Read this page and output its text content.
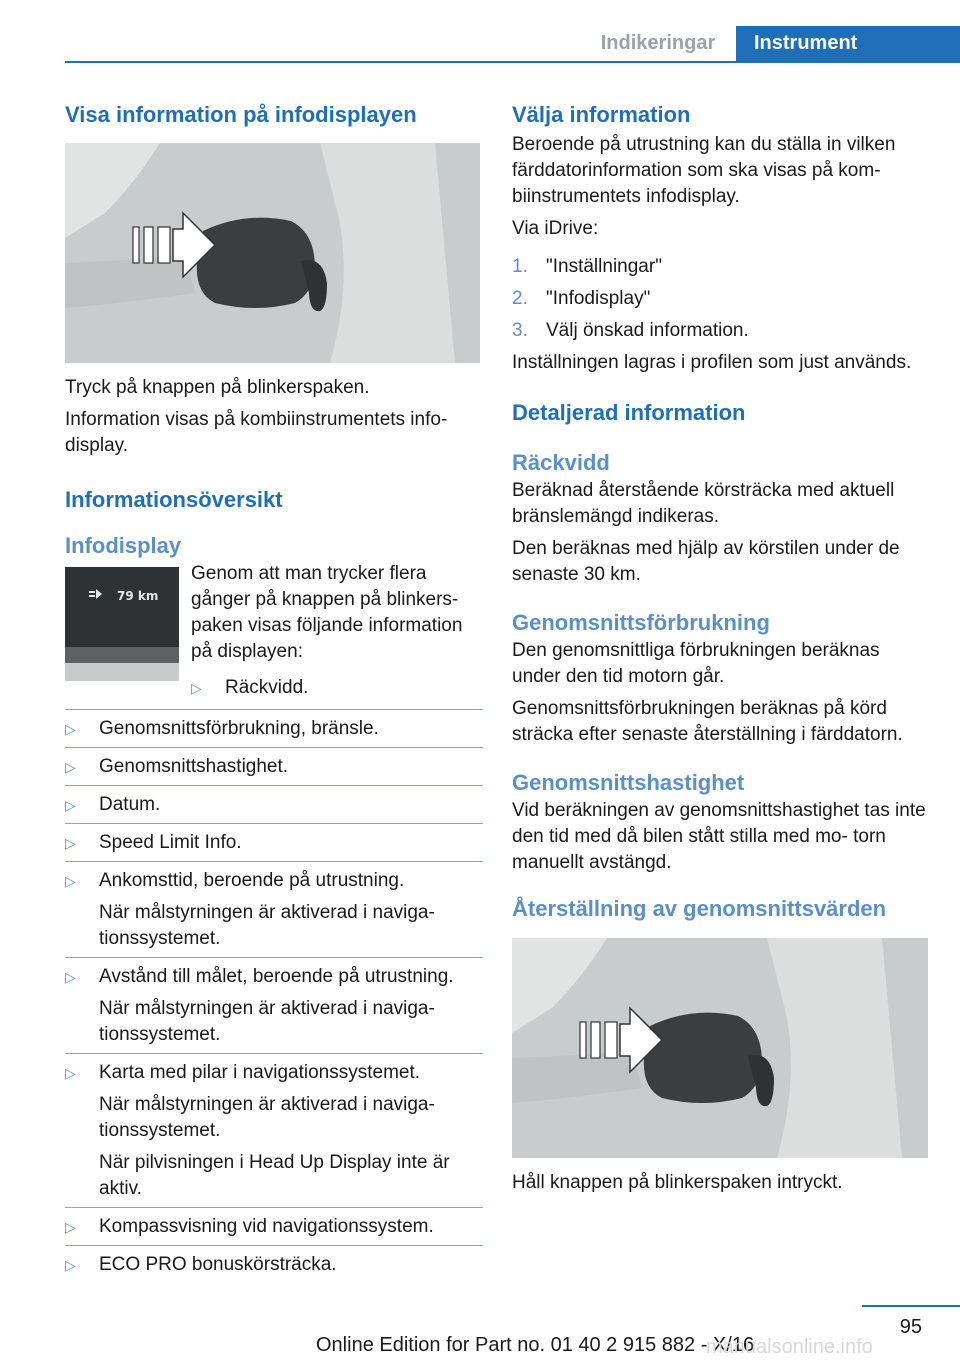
Indikeringar	Instrument
Visa information på infodisplayen

Tryck på knappen på blinkerspaken.

Information visas på kombiinstrumentets info‐ display.

Informationsöversikt
Infodisplay
79 km

Genom att man trycker flera gånger på knappen på blinkers‐ paken visas följande information på displayen:

▷ Räckvidd.
▷ Genomsnittsförbrukning, bränsle.
▷ Genomsnittshastighet.
▷ Datum.
▷ Speed Limit Info.
▷ Ankomsttid, beroende på utrustning.
När målstyrningen är aktiverad i naviga‐ tionssystemet.
▷ Avstånd till målet, beroende på utrustning.
När målstyrningen är aktiverad i naviga‐ tionssystemet.
▷ Karta med pilar i navigationssystemet.
När målstyrningen är aktiverad i naviga‐ tionssystemet.
När pilvisningen i Head Up Display inte är aktiv.
▷ Kompassvisning vid navigationssystem.
▷ ECO PRO bonuskörsträcka.
Välja information

Beroende på utrustning kan du ställa in vilken färddatorinformation som ska visas på kom‐ biinstrumentets infodisplay.

Via iDrive:

1. "Inställningar"
2. "Infodisplay"
3. Välj önskad information.

Inställningen lagras i profilen som just används.

Detaljerad information
Räckvidd

Beräknad återstående körsträcka med aktuell bränslemängd indikeras.

Den beräknas med hjälp av körstilen under de senaste 30 km.

Genomsnittsförbrukning

Den genomsnittliga förbrukningen beräknas under den tid motorn går.

Genomsnittsförbrukningen beräknas på körd sträcka efter senaste återställning i färddatorn.

Genomsnittshastighet

Vid beräkningen av genomsnittshastighet tas inte den tid med då bilen stått stilla med mo‐ torn manuellt avstängd.

Återställning av genomsnittsvärden

Håll knappen på blinkerspaken intryckt.

95
Online Edition for Part no. 01 40 2 915 882 - X/16
manualsonline.info
